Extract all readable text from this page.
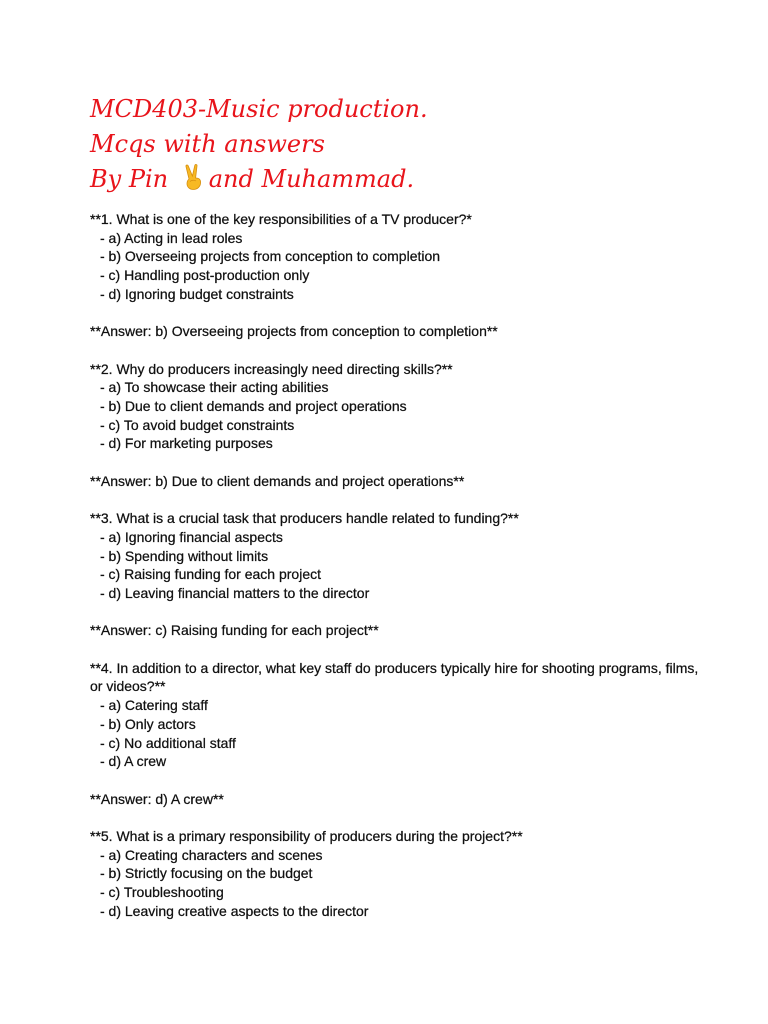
MCD403-Music production.
Mcqs with answers
By Pin and Muhammad.

**1. What is one of the key responsibilities of a TV producer?*

- a) Acting in lead roles

- b) Overseeing projects from conception to completion

- c) Handling post-production only

- d) Ignoring budget constraints

**Answer: b) Overseeing projects from conception to completion**

**2. Why do producers increasingly need directing skills?**

- a) To showcase their acting abilities

- b) Due to client demands and project operations

- c) To avoid budget constraints

- d) For marketing purposes

**Answer: b) Due to client demands and project operations**

**3. What is a crucial task that producers handle related to funding?**

- a) Ignoring financial aspects

- b) Spending without limits

- c) Raising funding for each project

- d) Leaving financial matters to the director

**Answer: c) Raising funding for each project**

**4. In addition to a director, what key staff do producers typically hire for shooting programs, films, or videos?**

- a) Catering staff

- b) Only actors

- c) No additional staff

- d) A crew

**Answer: d) A crew**

**5. What is a primary responsibility of producers during the project?**

- a) Creating characters and scenes

- b) Strictly focusing on the budget

- c) Troubleshooting

- d) Leaving creative aspects to the director
